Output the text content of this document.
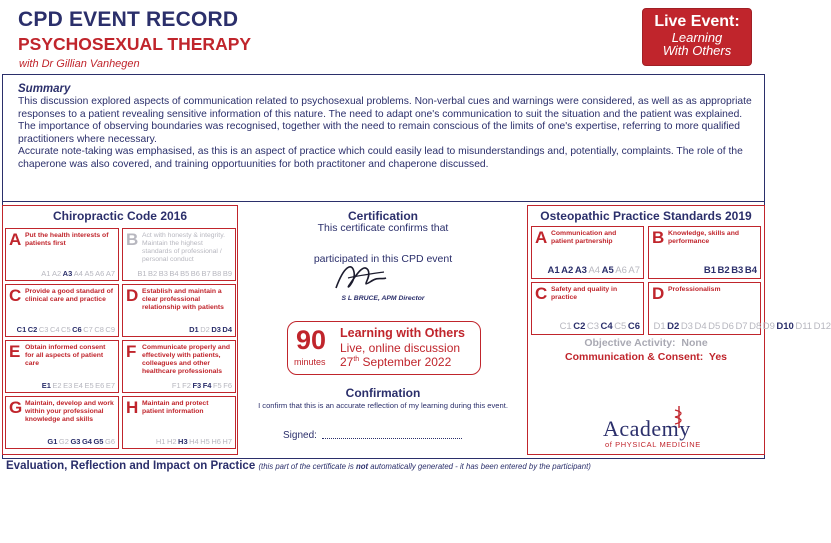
CPD EVENT RECORD
PSYCHOSEXUAL THERAPY
with Dr Gillian Vanhegen
Live Event:
Learning
With Others
Summary

This discussion explored aspects of communication related to psychosexual problems. Non-verbal cues and warnings were considered, as well as as appropriate responses to a patient revealing sensitive information of this nature. The need to adapt one's communication to suit the situation and the patient was explained.

The importance of observing boundaries was recognised, together with the need to remain conscious of the limits of one's expertise, referring to more qualified practitioners where necessary.

Accurate note-taking was emphasised, as this is an aspect of practice which could easily lead to misunderstandings and, potentially, complaints. The role of the chaperone was also covered, and training opportuunities for both practitoner and chaperone discussed.

Chiropractic Code 2016
A Put the health interests of patients first
A1 A2 A3 A4 A5 A6 A7
B Act with honesty & integrity. Maintain the highest standards of professional / personal conduct
B1 B2 B3 B4 B5 B6 B7 B8 B9
C Provide a good standard of clinical care and practice
C1 C2 C3 C4 C5 C6 C7 C8 C9
D Establish and maintain a clear professional relationship with patients
D1 D2 D3 D4
E Obtain informed consent for all aspects of patient care
E1 E2 E3 E4 E5 E6 E7
F Communicate properly and effectively with patients, colleagues and other healthcare professionals
F1 F2 F3 F4 F5 F6
G Maintain, develop and work within your professional knowledge and skills
G1 G2 G3 G4 G5 G6
H Maintain and protect patient information
H1 H2 H3 H4 H5 H6 H7
Certification
This certificate confirms that
participated in this CPD event
S L BRUCE, APM Director
90
minutes
Learning with Others
Live, online discussion
27th September 2022
Confirmation
I confirm that this is an accurate reflection of my learning during this event.
Signed:
Osteopathic Practice Standards 2019
A Communication and patient partnership
A1 A2 A3 A4 A5 A6 A7
B Knowledge, skills and performance
B1 B2 B3 B4
C Safety and quality in practice
C1 C2 C3 C4 C5 C6
D Professionalism
D1 D2 D3 D4 D5 D6 D7 D8 D9 D10 D11 D12
Objective Activity: None
Communication & Consent: Yes
Academy
of PHYSICAL MEDICINE
Evaluation, Reflection and Impact on Practice (this part of the certificate is not automatically generated - it has been entered by the participant)
